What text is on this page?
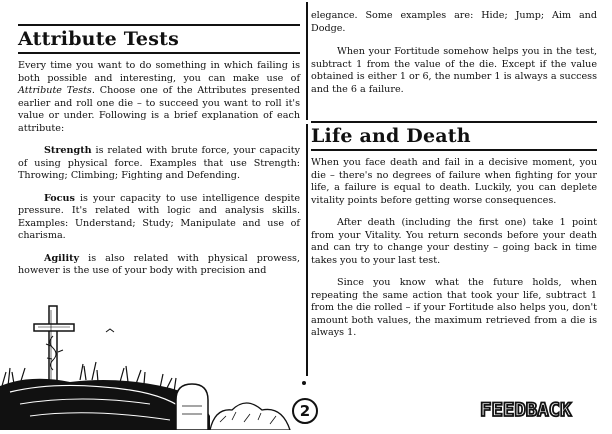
Attribute Tests

Every time you want to do something in which failing is both possible and interesting, you can make use of Attribute Tests. Choose one of the Attributes presented earlier and roll one die – to succeed you want to roll it's value or under. Following is a brief explanation of each attribute:

Strength is related with brute force, your capacity of using physical force. Examples that use Strength: Throwing; Climbing; Fighting and Defending.

Focus is your capacity to use intelligence despite pressure. It's related with logic and analysis skills. Examples: Understand; Study; Manipulate and use of charisma.

Agility is also related with physical prowess, however is the use of your body with precision and

elegance. Some examples are: Hide; Jump; Aim and Dodge.

When your Fortitude somehow helps you in the test, subtract 1 from the value of the die. Except if the value obtained is either 1 or 6, the number 1 is always a success and the 6 a failure.

Life and Death

When you face death and fail in a decisive moment, you die – there's no degrees of failure when fighting for your life, a failure is equal to death. Luckily, you can deplete vitality points before getting worse consequences.

After death (including the first one) take 1 point from your Vitality. You return seconds before your death and can try to change your destiny – going back in time takes you to your last test.

Since you know what the future holds, when repeating the same action that took your life, subtract 1 from the die rolled – if your Fortitude also helps you, don't amount both values, the maximum retrieved from a die is always 1.

2	FEEDBACK
